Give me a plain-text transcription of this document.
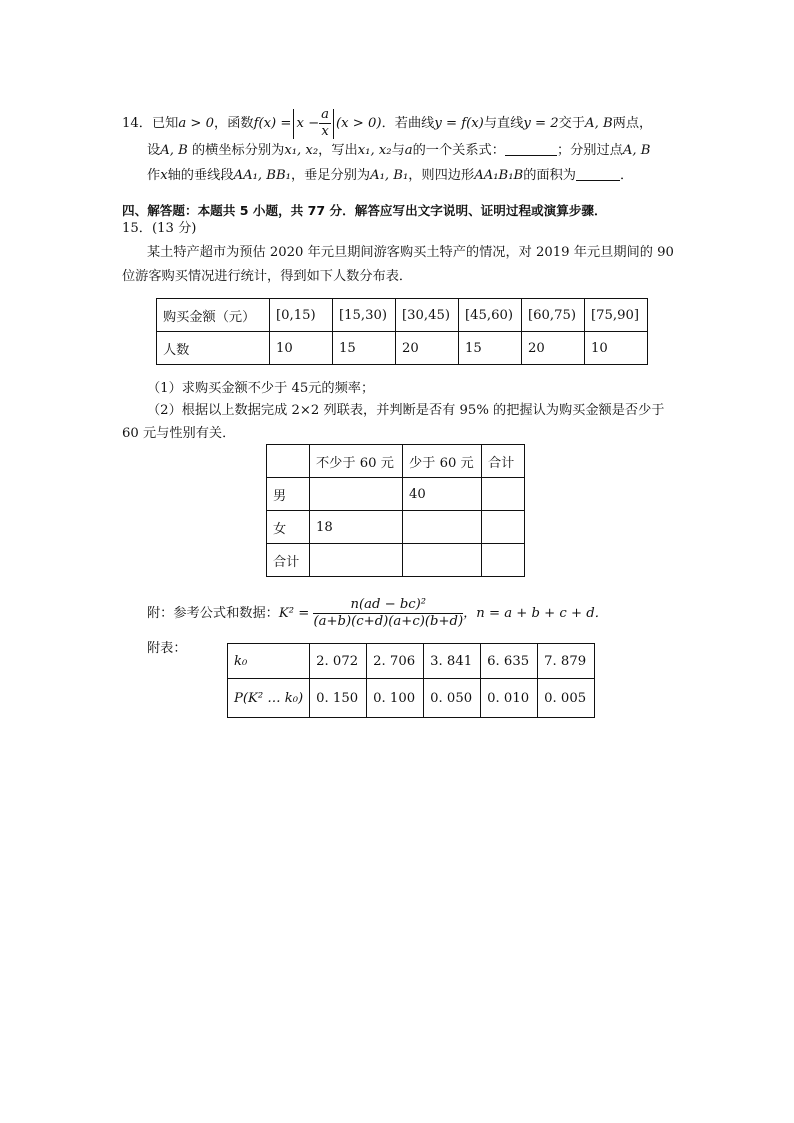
14．已知a > 0，函数$f(x) = x - \frac{a}{x} (x > 0)$．若曲线y = f(x)与直线y = 2交于A, B两点，
设A, B 的横坐标分别为x₁, x₂，写出x₁, x₂与a的一个关系式：	；分别过点A, B
作x轴的垂线段AA₁, BB₁，垂足分别为A₁, B₁，则四边形AA₁B₁B的面积为	．
四、解答题：本题共 5 小题，共 77 分．解答应写出文字说明、证明过程或演算步骤．
15．(13 分)
某土特产超市为预估 2020 年元旦期间游客购买土特产的情况，对 2019 年元旦期间的 90
位游客购买情况进行统计，得到如下人数分布表．
购买金额（元）	[0,15)	[15,30)	[30,45)	[45,60)	[60,75)	[75,90]
人数	10	15	20	15	20	10
（1）求购买金额不少于 45元的频率；
（2）根据以上数据完成 2×2 列联表，并判断是否有 95% 的把握认为购买金额是否少于
60 元与性别有关．
	不少于 60 元	少于 60 元	合计
男		40	
女	18		
合计			
附：参考公式和数据：$K^2 = \frac{\text{n(ad − bc)²}}{(a+b)(c+d)(a+c)(b+d)}$ ，n = a + b + c + d．
附表：
k₀	2. 072	2. 706	3. 841	6. 635	7. 879
P(K² … k₀)	0. 150	0. 100	0. 050	0. 010	0. 005
